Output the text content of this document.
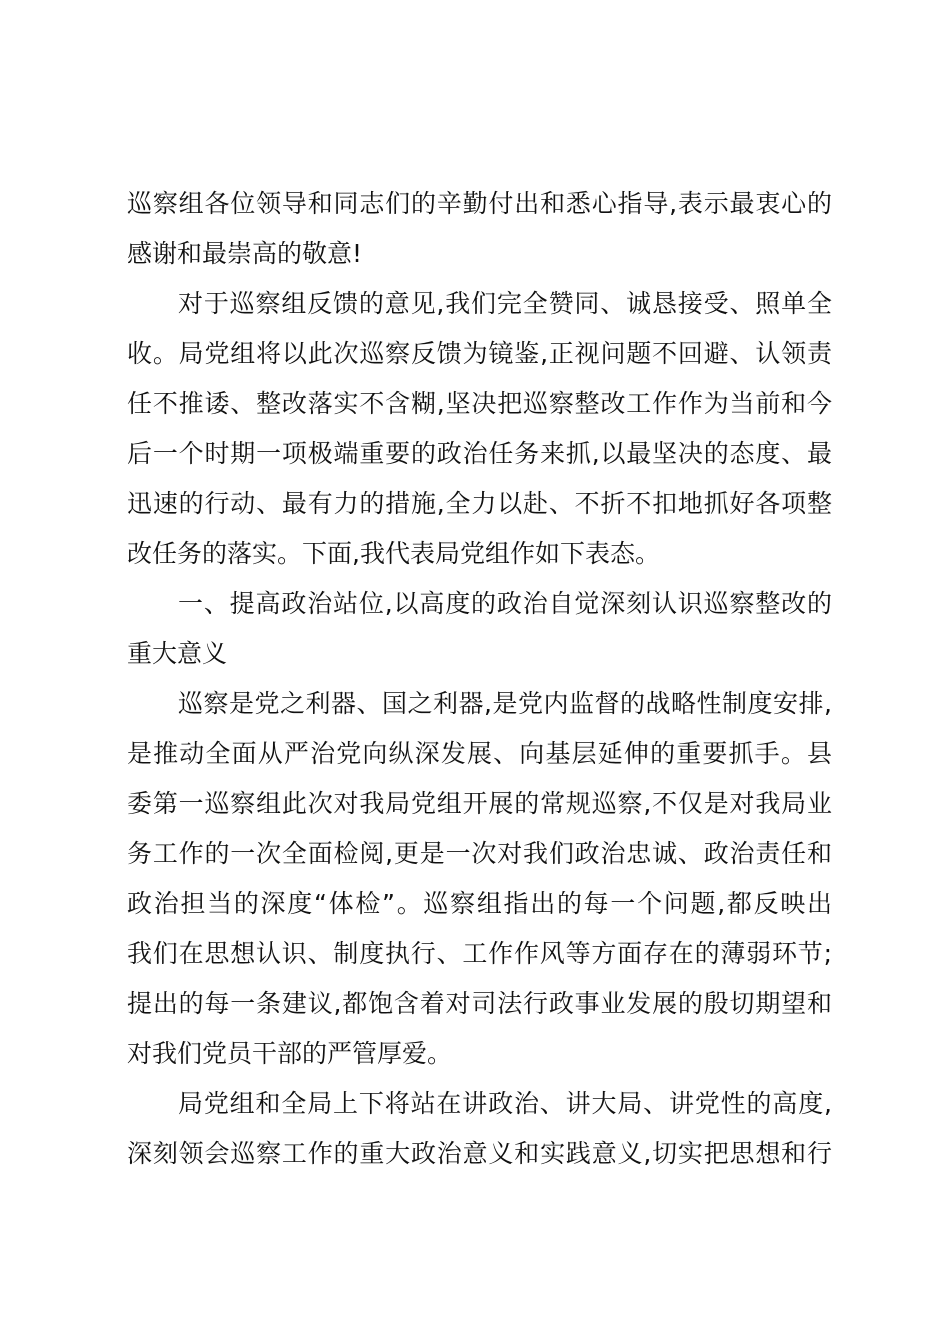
巡察组各位领导和同志们的辛勤付出和悉心指导,表示最衷心的
感谢和最崇高的敬意!
对于巡察组反馈的意见,我们完全赞同、诚恳接受、照单全
收。局党组将以此次巡察反馈为镜鉴,正视问题不回避、认领责
任不推诿、整改落实不含糊,坚决把巡察整改工作作为当前和今
后一个时期一项极端重要的政治任务来抓,以最坚决的态度、最
迅速的行动、最有力的措施,全力以赴、不折不扣地抓好各项整
改任务的落实。下面,我代表局党组作如下表态。
一、提高政治站位,以高度的政治自觉深刻认识巡察整改的
重大意义
巡察是党之利器、国之利器,是党内监督的战略性制度安排,
是推动全面从严治党向纵深发展、向基层延伸的重要抓手。县
委第一巡察组此次对我局党组开展的常规巡察,不仅是对我局业
务工作的一次全面检阅,更是一次对我们政治忠诚、政治责任和
政治担当的深度“体检”。巡察组指出的每一个问题,都反映出
我们在思想认识、制度执行、工作作风等方面存在的薄弱环节;
提出的每一条建议,都饱含着对司法行政事业发展的殷切期望和
对我们党员干部的严管厚爱。
局党组和全局上下将站在讲政治、讲大局、讲党性的高度,
深刻领会巡察工作的重大政治意义和实践意义,切实把思想和行
